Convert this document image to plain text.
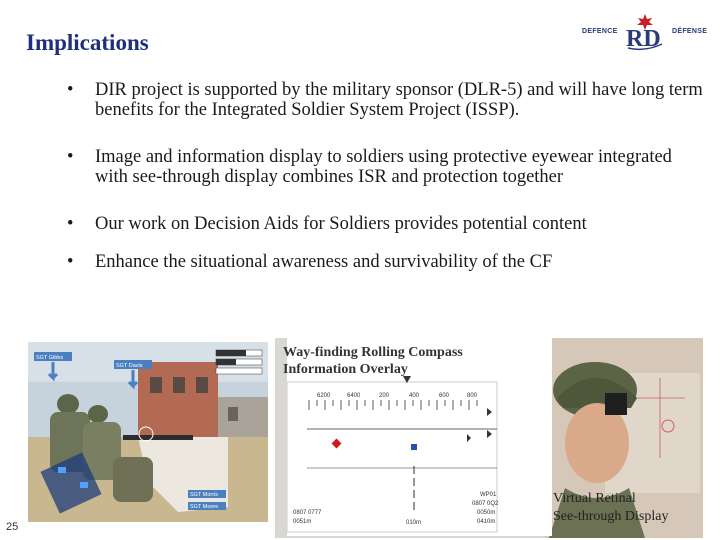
Implications	DEFENCE RD DÉFENSE
• DIR project is supported by the military sponsor (DLR-5) and will have long term benefits for the Integrated Soldier System Project (ISSP).
• Image and information display to soldiers using protective eyewear integrated with see-through display combines ISR and protection together
• Our work on Decision Aids for Soldiers provides potential content
• Enhance the situational awareness and survivability of the CF
SGT Gibbs
SGT Davis
SGT Morris
SGT Moore
6200	6400	200	400	600	800
WP01
0807 0Q2
0050m
0410m
0807 0777
0051m	010m
Way-finding Rolling Compass
Information Overlay
Virtual Retinal
See-through Display
25
